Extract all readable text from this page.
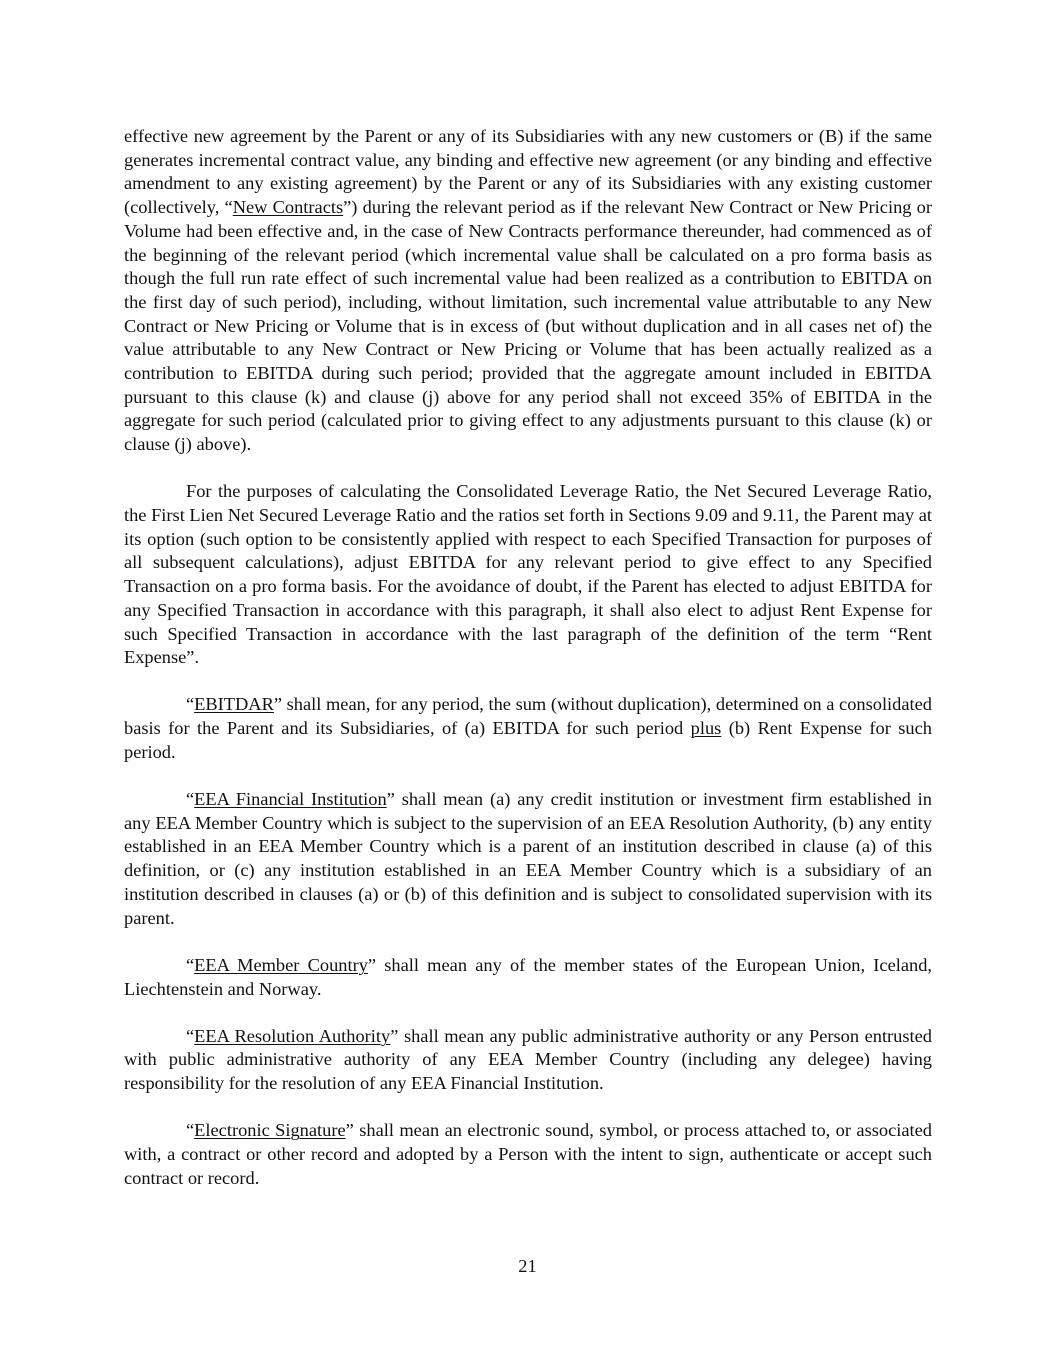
effective new agreement by the Parent or any of its Subsidiaries with any new customers or (B) if the same generates incremental contract value, any binding and effective new agreement (or any binding and effective amendment to any existing agreement) by the Parent or any of its Subsidiaries with any existing customer (collectively, “New Contracts”) during the relevant period as if the relevant New Contract or New Pricing or Volume had been effective and, in the case of New Contracts performance thereunder, had commenced as of the beginning of the relevant period (which incremental value shall be calculated on a pro forma basis as though the full run rate effect of such incremental value had been realized as a contribution to EBITDA on the first day of such period), including, without limitation, such incremental value attributable to any New Contract or New Pricing or Volume that is in excess of (but without duplication and in all cases net of) the value attributable to any New Contract or New Pricing or Volume that has been actually realized as a contribution to EBITDA during such period; provided that the aggregate amount included in EBITDA pursuant to this clause (k) and clause (j) above for any period shall not exceed 35% of EBITDA in the aggregate for such period (calculated prior to giving effect to any adjustments pursuant to this clause (k) or clause (j) above).

For the purposes of calculating the Consolidated Leverage Ratio, the Net Secured Leverage Ratio, the First Lien Net Secured Leverage Ratio and the ratios set forth in Sections 9.09 and 9.11, the Parent may at its option (such option to be consistently applied with respect to each Specified Transaction for purposes of all subsequent calculations), adjust EBITDA for any relevant period to give effect to any Specified Transaction on a pro forma basis. For the avoidance of doubt, if the Parent has elected to adjust EBITDA for any Specified Transaction in accordance with this paragraph, it shall also elect to adjust Rent Expense for such Specified Transaction in accordance with the last paragraph of the definition of the term “Rent Expense”.

“EBITDAR” shall mean, for any period, the sum (without duplication), determined on a consolidated basis for the Parent and its Subsidiaries, of (a) EBITDA for such period plus (b) Rent Expense for such period.

“EEA Financial Institution” shall mean (a) any credit institution or investment firm established in any EEA Member Country which is subject to the supervision of an EEA Resolution Authority, (b) any entity established in an EEA Member Country which is a parent of an institution described in clause (a) of this definition, or (c) any institution established in an EEA Member Country which is a subsidiary of an institution described in clauses (a) or (b) of this definition and is subject to consolidated supervision with its parent.

“EEA Member Country” shall mean any of the member states of the European Union, Iceland, Liechtenstein and Norway.

“EEA Resolution Authority” shall mean any public administrative authority or any Person entrusted with public administrative authority of any EEA Member Country (including any delegee) having responsibility for the resolution of any EEA Financial Institution.

“Electronic Signature” shall mean an electronic sound, symbol, or process attached to, or associated with, a contract or other record and adopted by a Person with the intent to sign, authenticate or accept such contract or record.

21
